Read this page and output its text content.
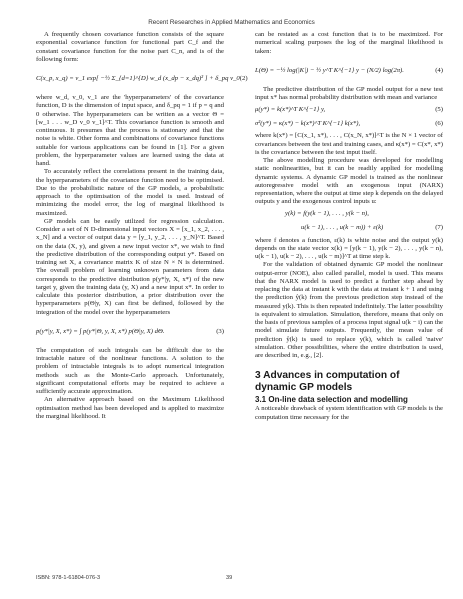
Recent Researches in Applied Mathematics and Economics

A frequently chosen covariance function consists of the square exponential covariance function for functional part C_f and the constant covariance function for the noise part C_n, and is of the following form:

C(x_p, x_q) = v_1 exp[ −½ Σ_{d=1}^{D} w_d (x_dp − x_dq)² ] + δ_pq v_0 (2)

where w_d, v_0, v_1 are the 'hyperparameters' of the covariance function, D is the dimension of input space, and δ_pq = 1 if p = q and 0 otherwise. The hyperparameters can be written as a vector Θ = [w_1 . . . w_D v_0 v_1]^T. This covariance function is smooth and continuous. It presumes that the process is stationary and that the noise is white. Other forms and combinations of covariance functions suitable for various applications can be found in [1]. For a given problem, the hyperparameter values are learned using the data at hand.

To accurately reflect the correlations present in the training data, the hyperparameters of the covariance function need to be optimised. Due to the probabilistic nature of the GP models, a probabilistic approach to the optimisation of the model is used. Instead of minimizing the model error, the log of marginal likelihood is maximized.

GP models can be easily utilized for regression calculation. Consider a set of N D-dimensional input vectors X = [x_1, x_2, . . . , x_N] and a vector of output data y = [y_1, y_2, . . . , y_N]^T. Based on the data (X, y), and given a new input vector x*, we wish to find the predictive distribution of the corresponding output y*. Based on training set X, a covariance matrix K of size N × N is determined. The overall problem of learning unknown parameters from data corresponds to the predictive distribution p(y*|y, X, x*) of the new target y, given the training data (y, X) and a new input x*. In order to calculate this posterior distribution, a prior distribution over the hyperparameters p(Θ|y, X) can first be defined, followed by the integration of the model over the hyperparameters

p(y*|y, X, x*) = ∫ p(y*|Θ, y, X, x*) p(Θ|y, X) dΘ.	(3)

The computation of such integrals can be difficult due to the intractable nature of the nonlinear functions. A solution to the problem of intractable integrals is to adopt numerical integration methods such as the Monte-Carlo approach. Unfortunately, significant computational efforts may be required to achieve a sufficiently accurate approximation.

An alternative approach based on the Maximum Likelihood optimisation method has been developed and is applied to maximize the marginal likelihood. It

can be restated as a cost function that is to be maximized. For numerical scaling purposes the log of the marginal likelihood is taken:

L(Θ) = −½ log(|K|) − ½ y^T K^{−1} y − (N/2) log(2π).	(4)

The predictive distribution of the GP model output for a new test input x* has normal probability distribution with mean and variance

μ(y*) = k(x*)^T K^{−1} y,	(5)
σ²(y*) = κ(x*) − k(x*)^T K^{−1} k(x*),	(6)

where k(x*) = [C(x_1, x*), . . . , C(x_N, x*)]^T is the N × 1 vector of covariances between the test and training cases, and κ(x*) = C(x*, x*) is the covariance between the test input itself.

The above modelling procedure was developed for modelling static nonlinearities, but it can be readily applied for modelling dynamic systems. A dynamic GP model is trained as the nonlinear autoregressive model with an exogenous input (NARX) representation, where the output at time step k depends on the delayed outputs y and the exogenous control inputs u:

y(k) = f(y(k − 1), . . . , y(k − n),
u(k − 1), . . . , u(k − m)) + ε(k)	(7)

where f denotes a function, ε(k) is white noise and the output y(k) depends on the state vector x(k) = [y(k − 1), y(k − 2), . . . , y(k − n), u(k − 1), u(k − 2), . . . , u(k − m)]^T at time step k.

For the validation of obtained dynamic GP model the nonlinear output-error (NOE), also called parallel, model is used. This means that the NARX model is used to predict a further step ahead by replacing the data at instant k with the data at instant k + 1 and using the prediction ŷ(k) from the previous prediction step instead of the measured y(k). This is then repeated indefinitely. The latter possibility is equivalent to simulation. Simulation, therefore, means that only on the basis of previous samples of a process input signal u(k − i) can the model simulate future outputs. Frequently, the mean value of prediction ŷ(k) is used to replace y(k), which is called 'naive' simulation. Other possibilities, where the entire distribution is used, are described in, e.g., [2].

3 Advances in computation of dynamic GP models
3.1 On-line data selection and modelling

A noticeable drawback of system identification with GP models is the computation time necessary for the

ISBN: 978-1-61804-076-3	39
